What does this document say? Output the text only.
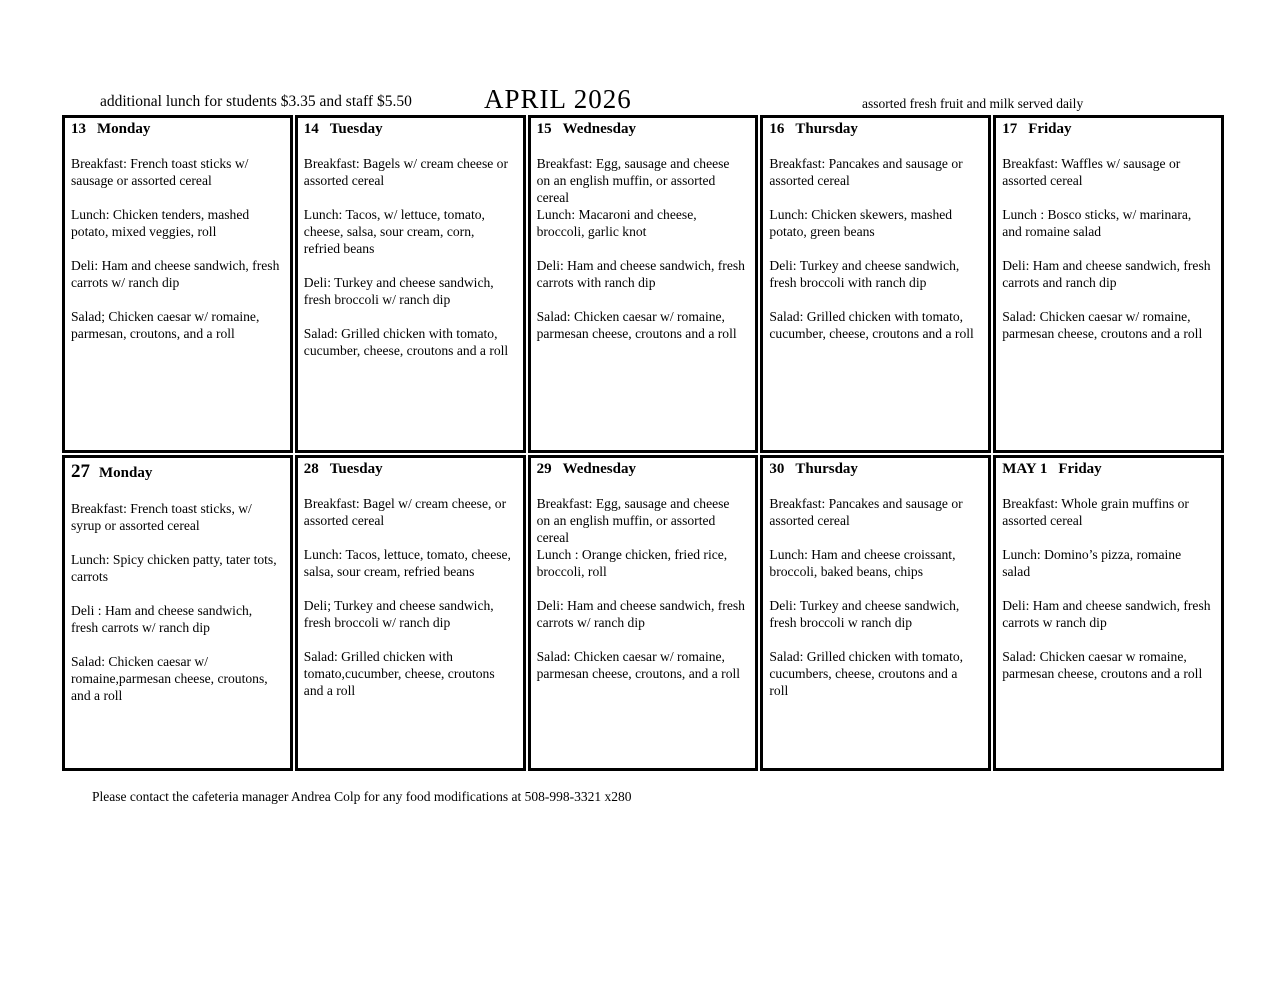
additional lunch for students $3.35 and staff $5.50	APRIL 2026	assorted fresh fruit and milk served daily
13 Monday

Breakfast: French toast sticks w/ sausage or assorted cereal

Lunch: Chicken tenders, mashed potato, mixed veggies, roll

Deli: Ham and cheese sandwich, fresh carrots w/ ranch dip

Salad; Chicken caesar w/ romaine, parmesan, croutons, and a roll

14 Tuesday

Breakfast: Bagels w/ cream cheese or assorted cereal

Lunch: Tacos, w/ lettuce, tomato, cheese, salsa, sour cream, corn, refried beans

Deli: Turkey and cheese sandwich, fresh broccoli w/ ranch dip

Salad: Grilled chicken with tomato, cucumber, cheese, croutons and a roll

15 Wednesday

Breakfast: Egg, sausage and cheese on an english muffin, or assorted cereal

Lunch: Macaroni and cheese, broccoli, garlic knot

Deli: Ham and cheese sandwich, fresh carrots with ranch dip

Salad: Chicken caesar w/ romaine, parmesan cheese, croutons and a roll

16 Thursday

Breakfast: Pancakes and sausage or assorted cereal

Lunch: Chicken skewers, mashed potato, green beans

Deli: Turkey and cheese sandwich, fresh broccoli with ranch dip

Salad: Grilled chicken with tomato, cucumber, cheese, croutons and a roll

17 Friday

Breakfast: Waffles w/ sausage or assorted cereal

Lunch : Bosco sticks, w/ marinara, and romaine salad

Deli: Ham and cheese sandwich, fresh carrots and ranch dip

Salad: Chicken caesar w/ romaine, parmesan cheese, croutons and a roll

27 Monday

Breakfast: French toast sticks, w/ syrup or assorted cereal

Lunch: Spicy chicken patty, tater tots, carrots

Deli : Ham and cheese sandwich, fresh carrots w/ ranch dip

Salad: Chicken caesar w/ romaine,parmesan cheese, croutons, and a roll

28 Tuesday

Breakfast: Bagel w/ cream cheese, or assorted cereal

Lunch: Tacos, lettuce, tomato, cheese, salsa, sour cream, refried beans

Deli; Turkey and cheese sandwich, fresh broccoli w/ ranch dip

Salad: Grilled chicken with tomato,cucumber, cheese, croutons and a roll

29 Wednesday

Breakfast: Egg, sausage and cheese on an english muffin, or assorted cereal

Lunch : Orange chicken, fried rice, broccoli, roll

Deli: Ham and cheese sandwich, fresh carrots w/ ranch dip

Salad: Chicken caesar w/ romaine, parmesan cheese, croutons, and a roll

30 Thursday

Breakfast: Pancakes and sausage or assorted cereal

Lunch: Ham and cheese croissant, broccoli, baked beans, chips

Deli: Turkey and cheese sandwich, fresh broccoli w ranch dip

Salad: Grilled chicken with tomato, cucumbers, cheese, croutons and a roll

MAY 1 Friday

Breakfast: Whole grain muffins or assorted cereal

Lunch: Domino’s pizza, romaine salad

Deli: Ham and cheese sandwich, fresh carrots w ranch dip

Salad: Chicken caesar w romaine, parmesan cheese, croutons and a roll

Please contact the cafeteria manager Andrea Colp for any food modifications at 508-998-3321 x280
